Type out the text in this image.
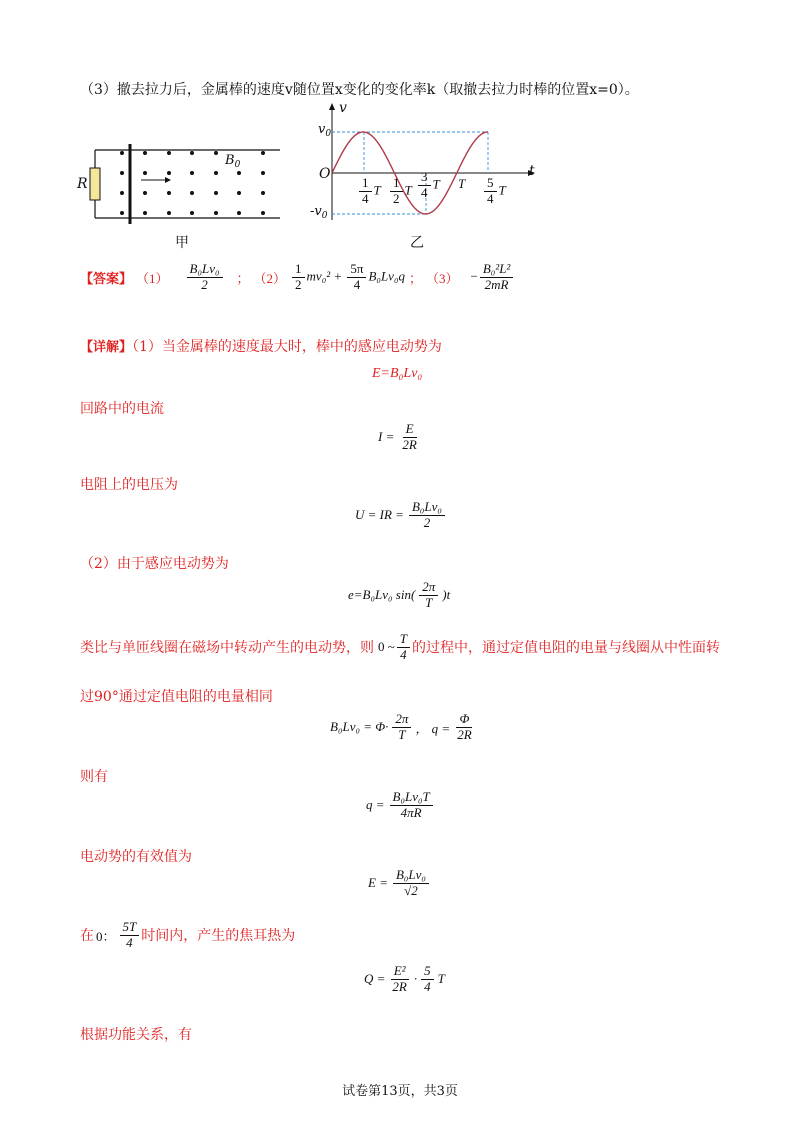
（3）撤去拉力后，金属棒的速度v随位置x变化的变化率k（取撤去拉力时棒的位置x=0）。
R
$B_0$
甲
v
t
O
$v_0$
$-v_0$
$\frac{1}{4}$ T $\frac{1}{2}$ T $\frac{3}{4}$ T T $\frac{5}{4}$ T
乙
【答案】 $(1) \frac{\text{B₀Lv₀}}{2}$ ； $(2) \frac{1}{2} mv_0^2 + \frac{5\pi}{4} B_0Lv_0q$ ； $(3) - \frac{\text{B₀²L²}}{2mR}$
【详解】（1）当金属棒的速度最大时，棒中的感应电动势为
E=B₀Lv₀
回路中的电流
$I = \frac{E}{2R}$
电阻上的电压为
U = IR = $\frac{\text{B₀Lv₀}}{2}$
（2）由于感应电动势为
e=B₀Lv₀ $\sin( \frac{2\pi}{T} )t$
类比与单匝线圈在磁场中转动产生的电动势，则 0 ~ $\frac{T}{4}$ 的过程中，通过定值电阻的电量与线圈从中性面转
过90°通过定值电阻的电量相同
$B_0Lv_0 = \Phi\cdot \frac{2\pi}{T}$ ， $q = \frac{\Phi}{2R}$
则有
$q = \frac{\text{B₀Lv₀T}}{4\pi R}$
电动势的有效值为
$E = \frac{\text{B₀Lv₀}}{√2}$
在 0： $\frac{5T}{4}$ 时间内，产生的焦耳热为
$Q = \frac{\text{E²}}{2R} \cdot \frac{5}{4}$ T
根据功能关系，有
试卷第13页，共3页
